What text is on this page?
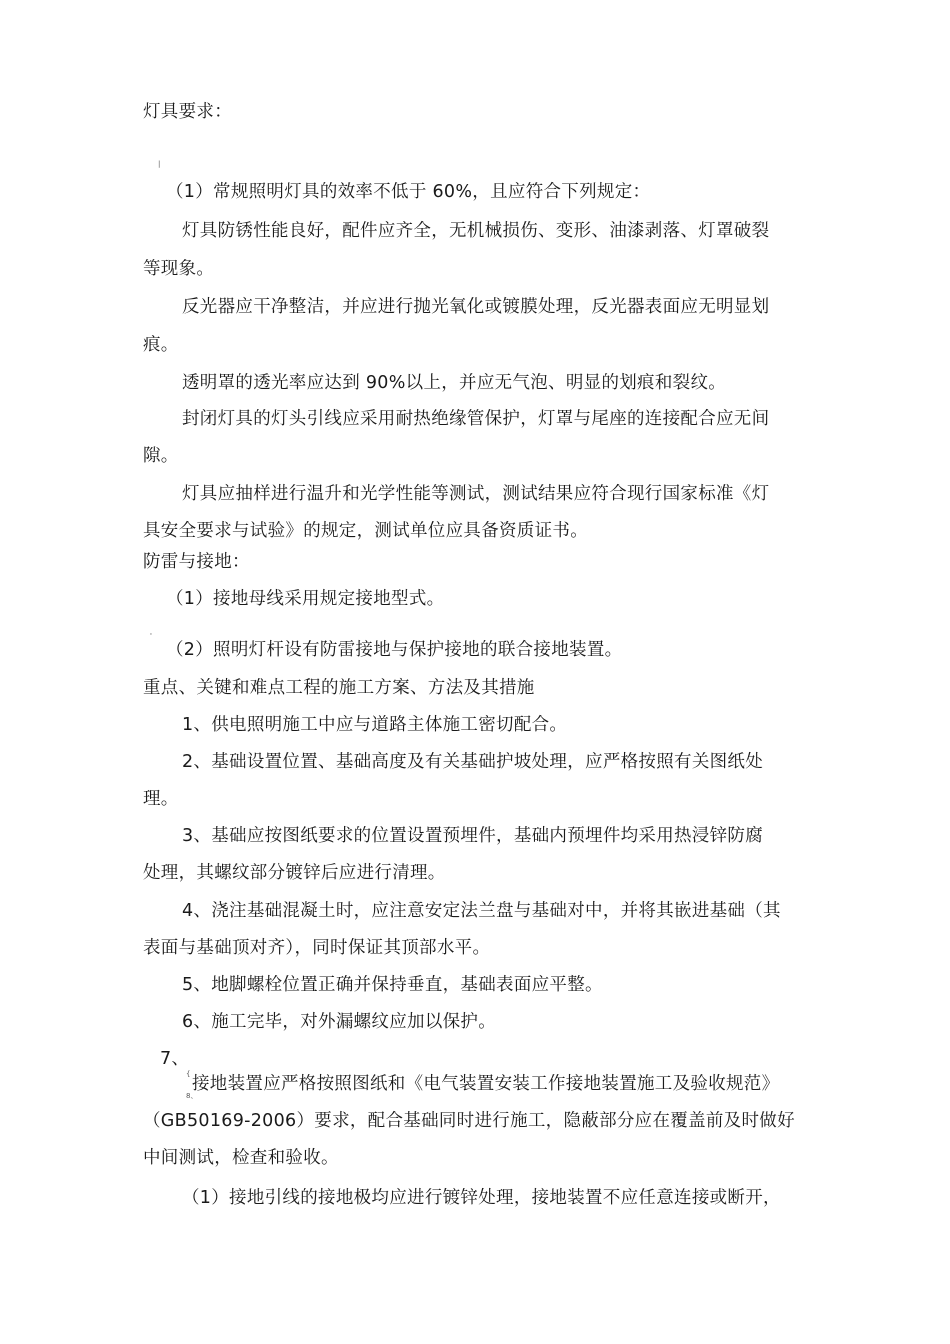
灯具要求：
|
（1）常规照明灯具的效率不低于 60%，且应符合下列规定：
灯具防锈性能良好，配件应齐全，无机械损伤、变形、油漆剥落、灯罩破裂
等现象。
反光器应干净整洁，并应进行抛光氧化或镀膜处理，反光器表面应无明显划
痕。
透明罩的透光率应达到 90%以上，并应无气泡、明显的划痕和裂纹。
封闭灯具的灯头引线应采用耐热绝缘管保护，灯罩与尾座的连接配合应无间
隙。
灯具应抽样进行温升和光学性能等测试，测试结果应符合现行国家标准《灯
具安全要求与试验》的规定，测试单位应具备资质证书。
防雷与接地：
（1）接地母线采用规定接地型式。
'
（2）照明灯杆设有防雷接地与保护接地的联合接地装置。
重点、关键和难点工程的施工方案、方法及其措施
1、供电照明施工中应与道路主体施工密切配合。
2、基础设置位置、基础高度及有关基础护坡处理，应严格按照有关图纸处
理。
3、基础应按图纸要求的位置设置预埋件，基础内预埋件均采用热浸锌防腐
处理，其螺纹部分镀锌后应进行清理。
4、浇注基础混凝土时，应注意安定法兰盘与基础对中，并将其嵌进基础（其
表面与基础顶对齐），同时保证其顶部水平。
5、地脚螺栓位置正确并保持垂直，基础表面应平整。
6、施工完毕，对外漏螺纹应加以保护。
7、
{
8、
接地装置应严格按照图纸和《电气装置安装工作接地装置施工及验收规范》
（GB50169-2006）要求，配合基础同时进行施工，隐蔽部分应在覆盖前及时做好
中间测试，检查和验收。
（1）接地引线的接地极均应进行镀锌处理，接地装置不应任意连接或断开，
